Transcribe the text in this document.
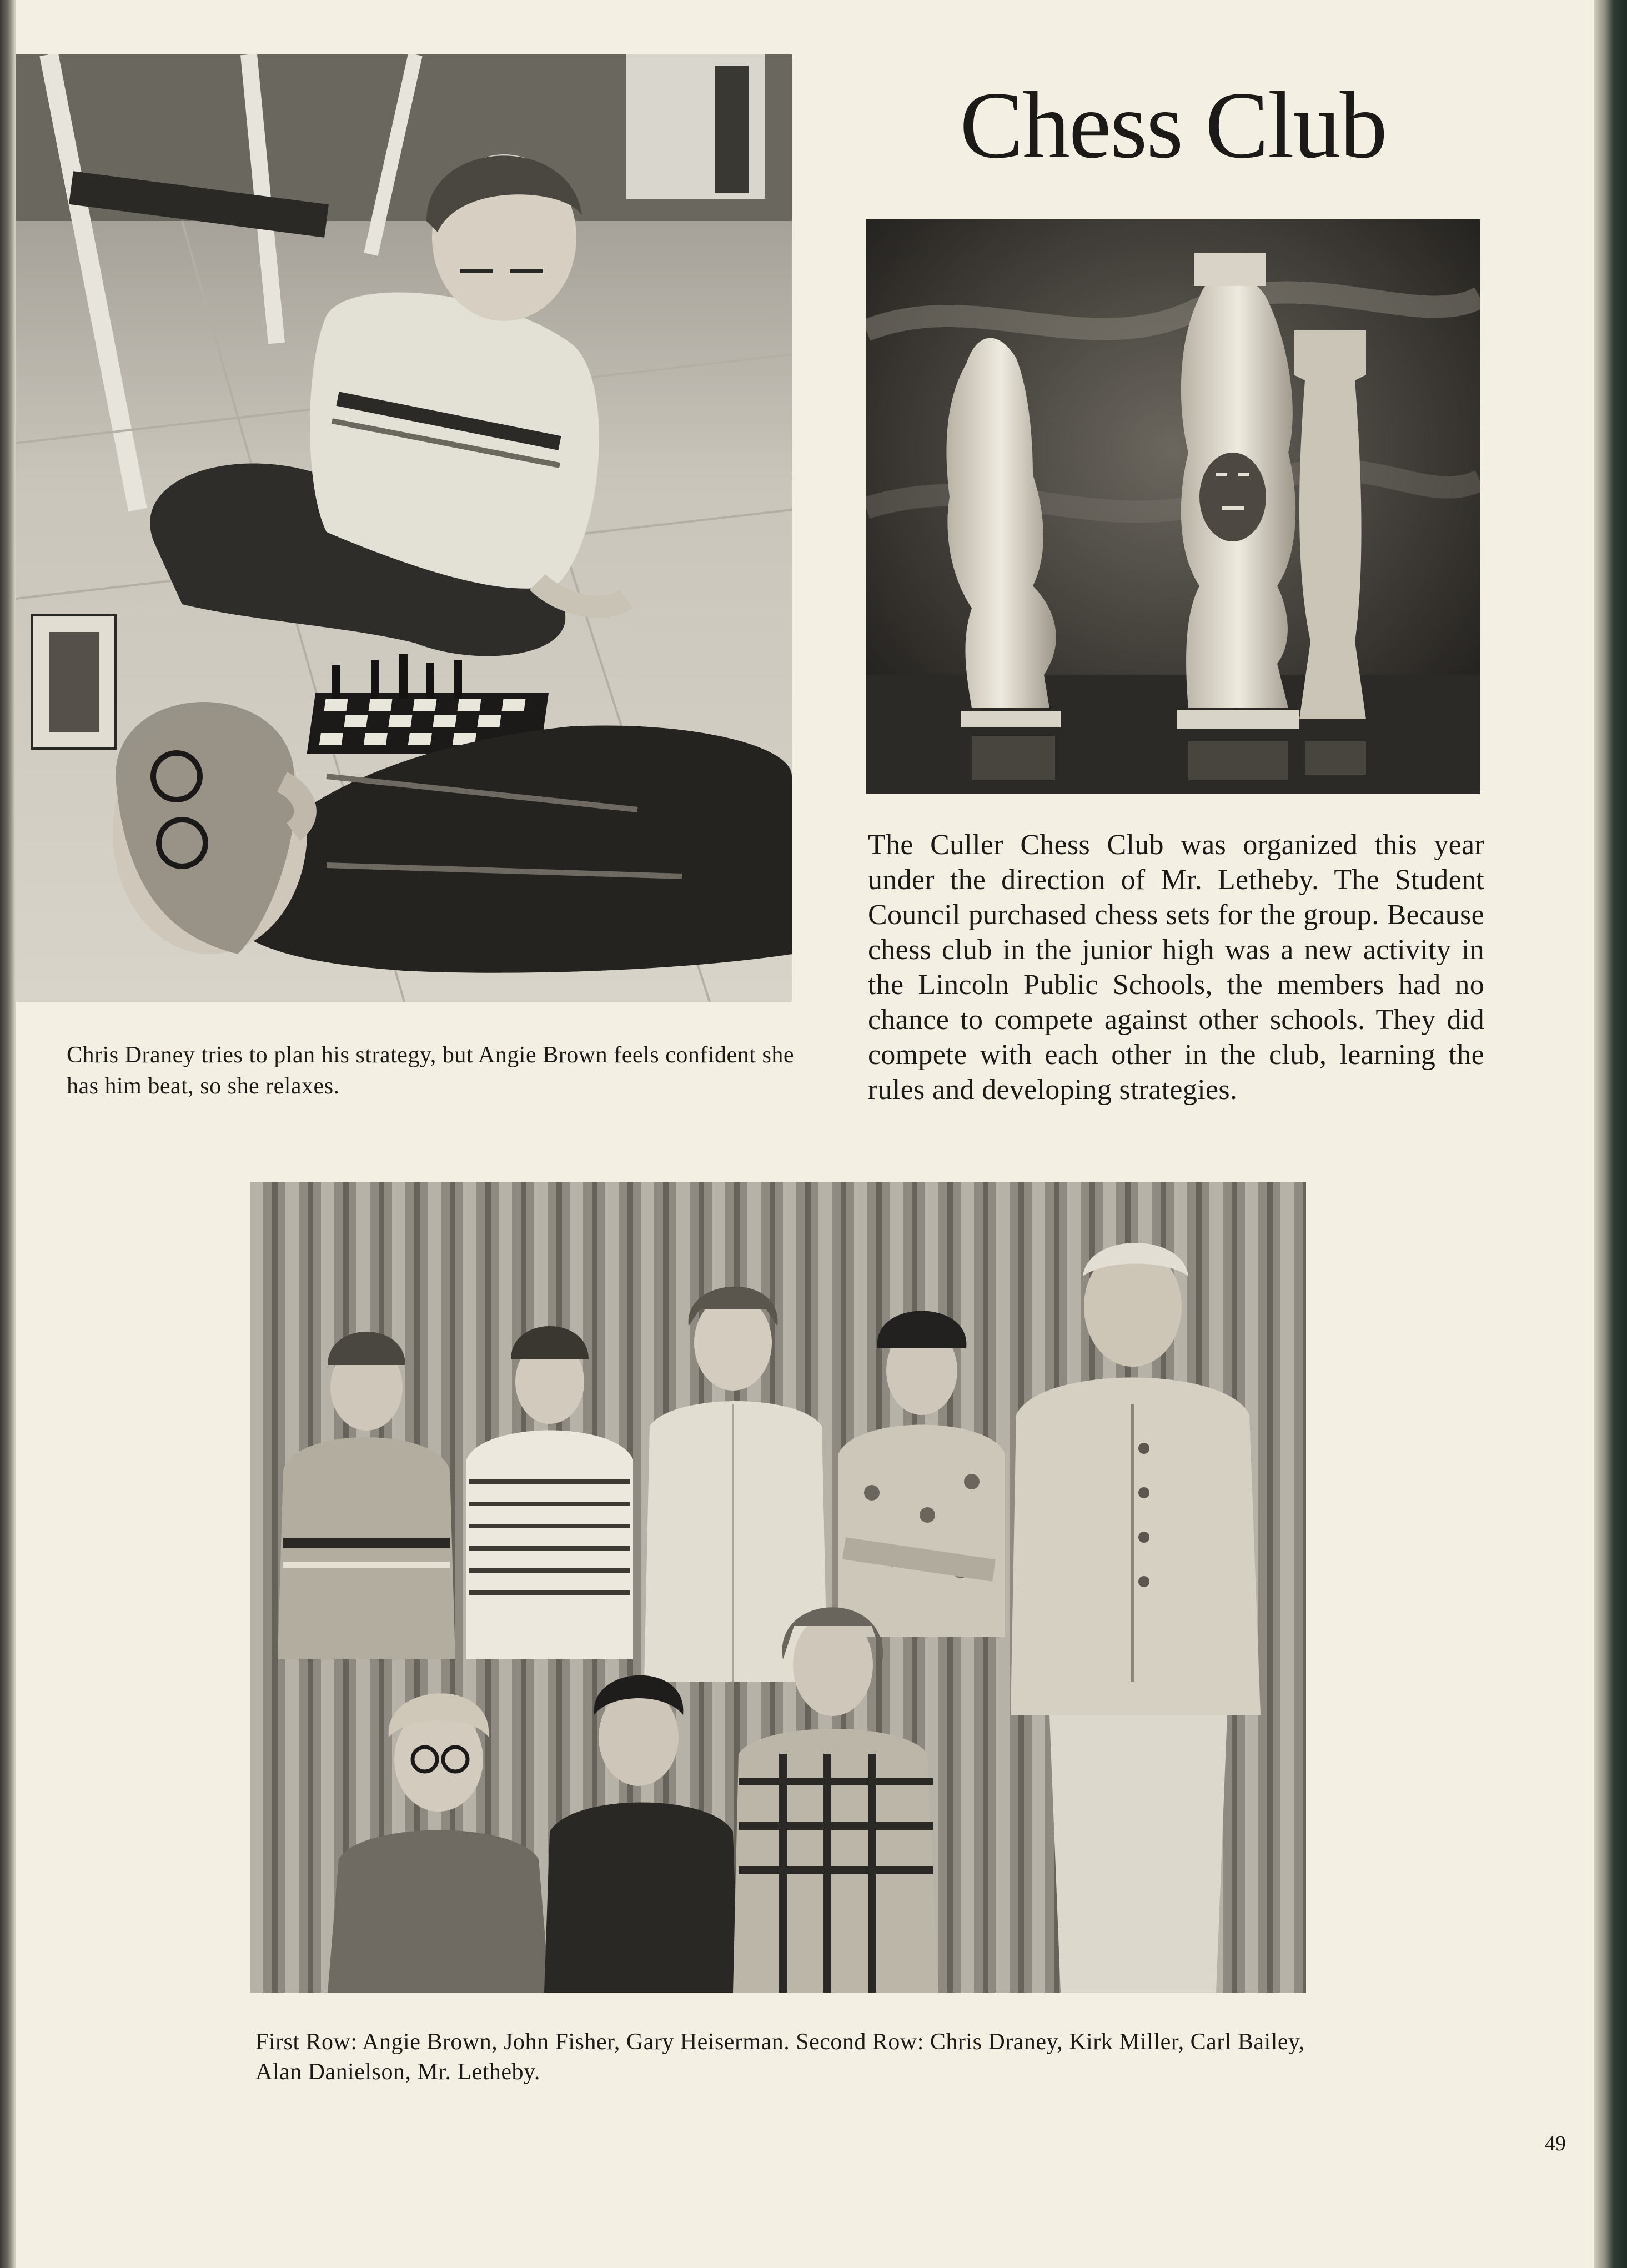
Chess Club
Chris Draney tries to plan his strategy, but Angie Brown feels confident she has him beat, so she relaxes.
The Culler Chess Club was organized this year under the direction of Mr. Letheby. The Student Council purchased chess sets for the group. Because chess club in the junior high was a new activity in the Lincoln Public Schools, the members had no chance to compete against other schools. They did compete with each other in the club, learning the rules and developing strategies.
First Row: Angie Brown, John Fisher, Gary Heiserman. Second Row: Chris Draney, Kirk Miller, Carl Bailey, Alan Danielson, Mr. Letheby.
49
